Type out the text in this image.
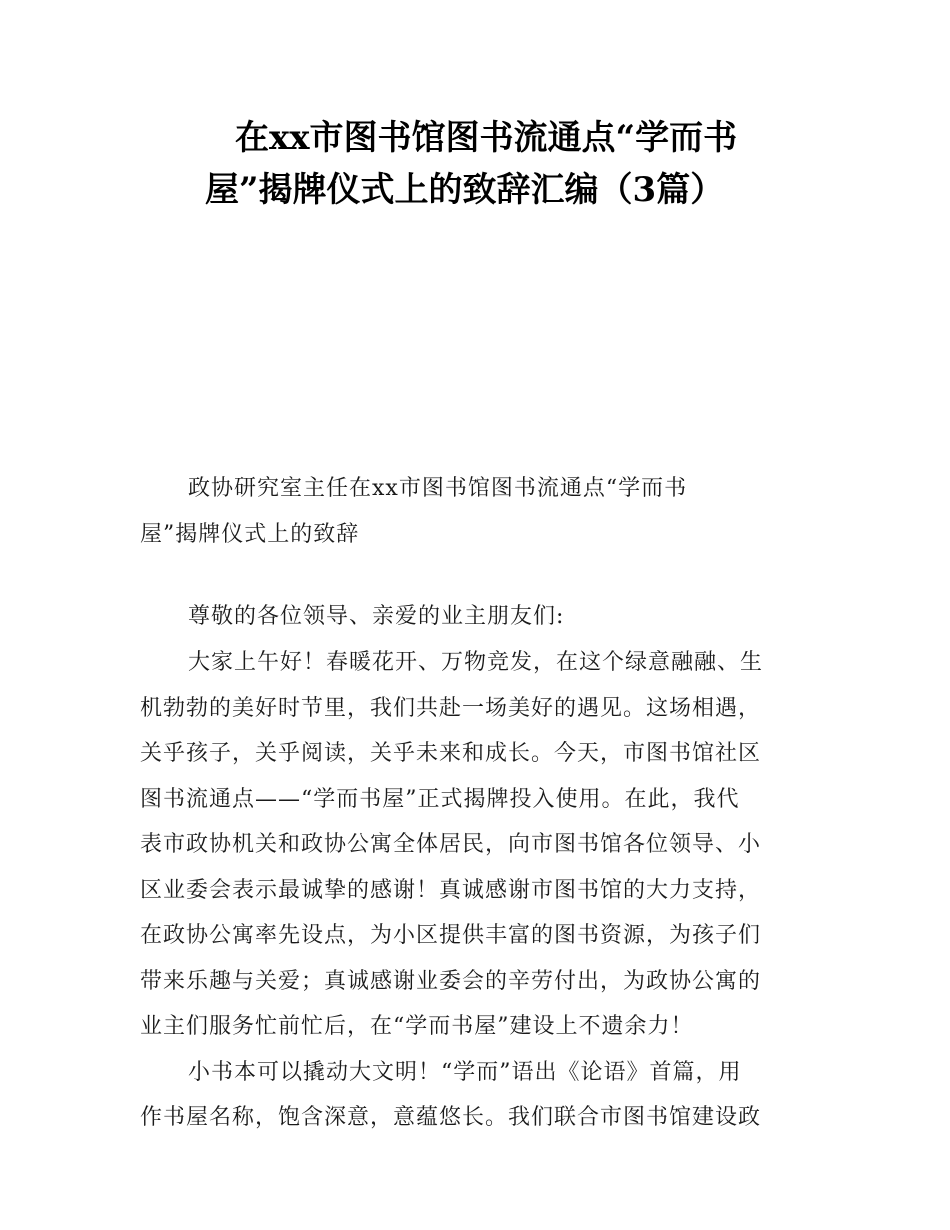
在xx市图书馆图书流通点“学而书
屋”揭牌仪式上的致辞汇编（3篇）

政协研究室主任在xx市图书馆图书流通点“学而书
屋”揭牌仪式上的致辞

尊敬的各位领导、亲爱的业主朋友们:

大家上午好！春暖花开、万物竞发，在这个绿意融融、生
机勃勃的美好时节里，我们共赴一场美好的遇见。这场相遇，
关乎孩子，关乎阅读，关乎未来和成长。今天，市图书馆社区
图书流通点——“学而书屋”正式揭牌投入使用。在此，我代
表市政协机关和政协公寓全体居民，向市图书馆各位领导、小
区业委会表示最诚挚的感谢！真诚感谢市图书馆的大力支持，
在政协公寓率先设点，为小区提供丰富的图书资源，为孩子们
带来乐趣与关爱；真诚感谢业委会的辛劳付出，为政协公寓的
业主们服务忙前忙后，在“学而书屋”建设上不遗余力！
小书本可以撬动大文明！“学而”语出《论语》首篇，用
作书屋名称，饱含深意，意蕴悠长。我们联合市图书馆建设政
